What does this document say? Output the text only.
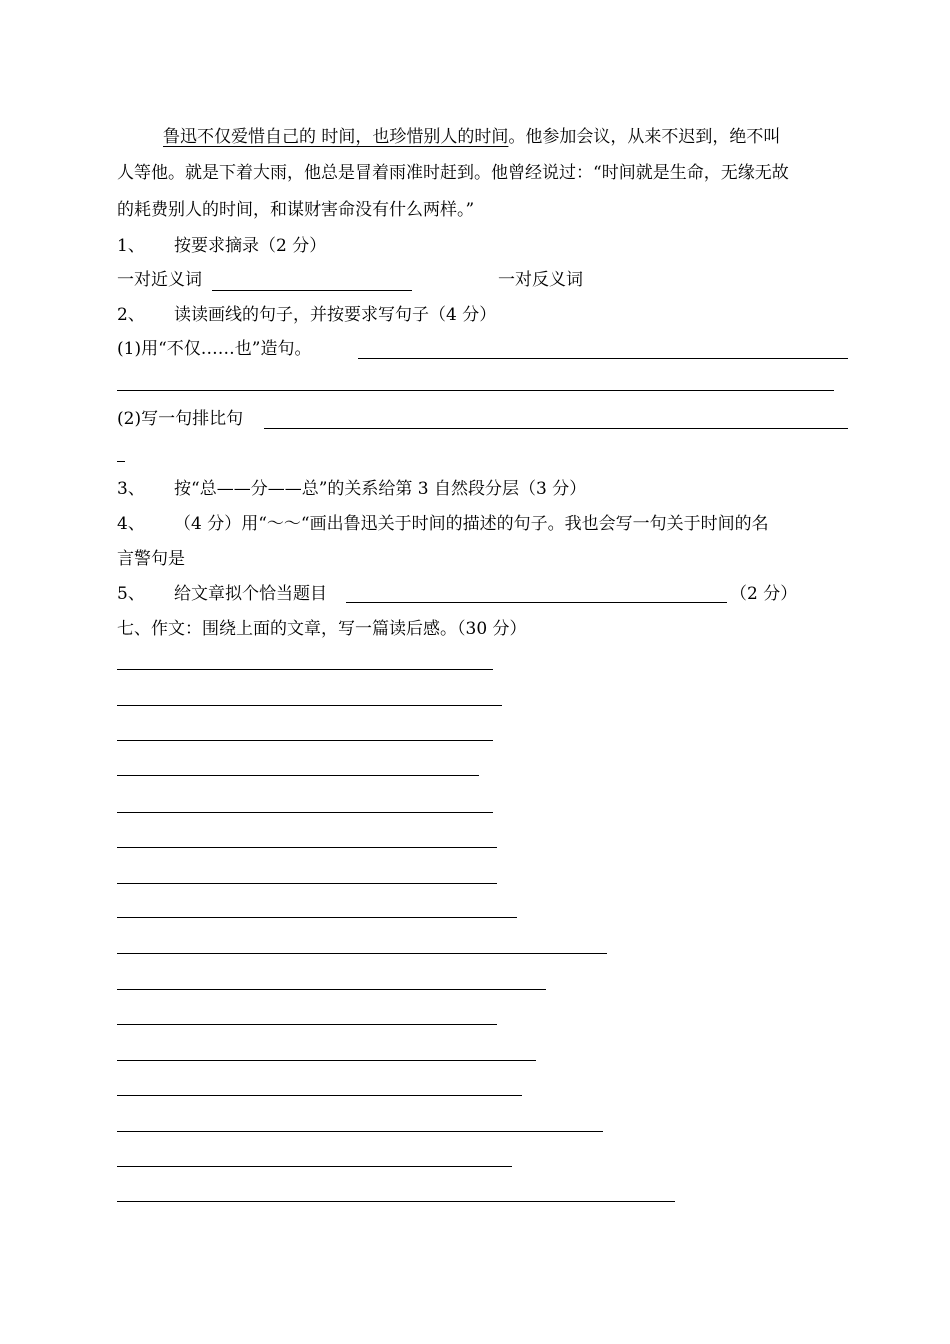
鲁迅不仅爱惜自己的 时间，也珍惜别人的时间。他参加会议，从来不迟到，绝不叫
人等他。就是下着大雨，他总是冒着雨准时赶到。他曾经说过：“时间就是生命，无缘无故
的耗费别人的时间，和谋财害命没有什么两样。”
1、 按要求摘录（2 分）
一对近义词	一对反义词
2、 读读画线的句子，并按要求写句子（4 分）
(1)用“不仅……也”造句。
(2)写一句排比句
3、 按“总——分——总”的关系给第 3 自然段分层（3 分）
4、 （4 分）用“～～“画出鲁迅关于时间的描述的句子。我也会写一句关于时间的名
言警句是
5、 给文章拟个恰当题目	（2 分）
七、作文：围绕上面的文章，写一篇读后感。（30 分）
